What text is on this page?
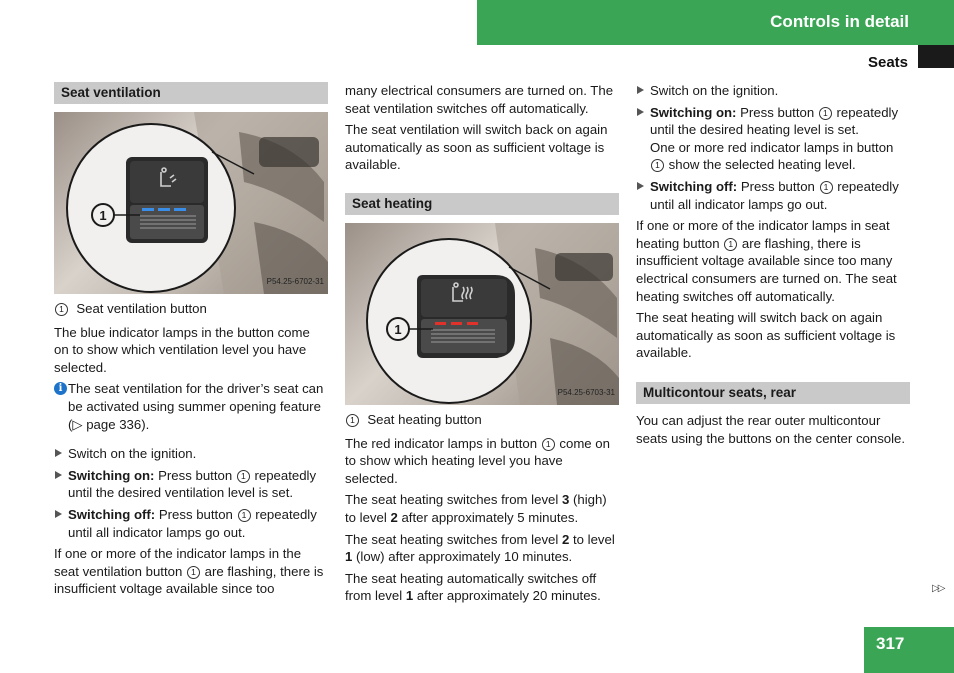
Controls in detail
Seats
Seat ventilation
1
P54.25-6702-31

1 Seat ventilation button

The blue indicator lamps in the button come on to show which ventilation level you have selected.

i The seat ventilation for the driver’s seat can be activated using summer opening feature (▷ page 336).
Switch on the ignition.
Switching on: Press button 1 repeatedly until the desired ventilation level is set.
Switching off: Press button 1 repeatedly until all indicator lamps go out.

If one or more of the indicator lamps in the seat ventilation button 1 are flashing, there is insufficient voltage available since too

many electrical consumers are turned on. The seat ventilation switches off automatically.

The seat ventilation will switch back on again automatically as soon as sufficient voltage is available.

Seat heating
1
P54.25-6703-31

1 Seat heating button

The red indicator lamps in button 1 come on to show which heating level you have selected.

The seat heating switches from level 3 (high) to level 2 after approximately 5 minutes.

The seat heating switches from level 2 to level 1 (low) after approximately 10 minutes.

The seat heating automatically switches off from level 1 after approximately 20 minutes.

Switch on the ignition.
Switching on: Press button 1 repeatedly until the desired heating level is set.
One or more red indicator lamps in button 1 show the selected heating level.
Switching off: Press button 1 repeatedly until all indicator lamps go out.

If one or more of the indicator lamps in seat heating button 1 are flashing, there is insufficient voltage available since too many electrical consumers are turned on. The seat heating switches off automatically.

The seat heating will switch back on again automatically as soon as sufficient voltage is available.

Multicontour seats, rear

You can adjust the rear outer multicontour seats using the buttons on the center console.

▷▷
317
